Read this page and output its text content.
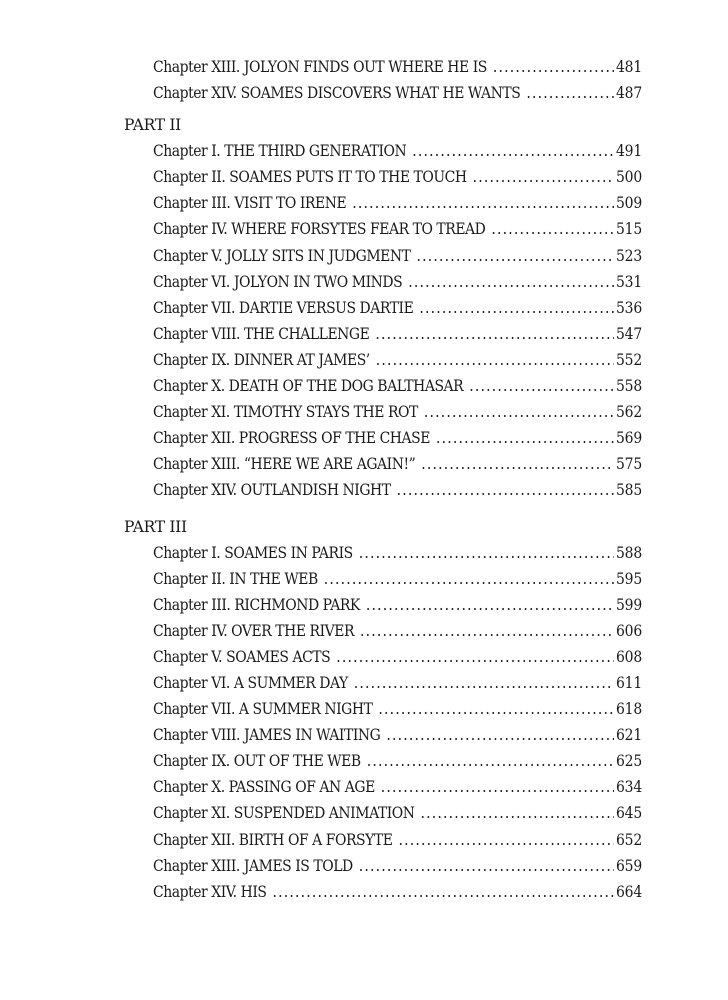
Chapter XIII. JOLYON FINDS OUT WHERE HE IS .....	481
Chapter XIV. SOAMES DISCOVERS WHAT HE WANTS .....	487
PART II
Chapter I. THE THIRD GENERATION .....	491
Chapter II. SOAMES PUTS IT TO THE TOUCH .....	500
Chapter III. VISIT TO IRENE .....	509
Chapter IV. WHERE FORSYTES FEAR TO TREAD .....	515
Chapter V. JOLLY SITS IN JUDGMENT .....	523
Chapter VI. JOLYON IN TWO MINDS .....	531
Chapter VII. DARTIE VERSUS DARTIE .....	536
Chapter VIII. THE CHALLENGE .....	547
Chapter IX. DINNER AT JAMES’ .....	552
Chapter X. DEATH OF THE DOG BALTHASAR .....	558
Chapter XI. TIMOTHY STAYS THE ROT .....	562
Chapter XII. PROGRESS OF THE CHASE .....	569
Chapter XIII. “HERE WE ARE AGAIN!” .....	575
Chapter XIV. OUTLANDISH NIGHT .....	585
PART III
Chapter I. SOAMES IN PARIS .....	588
Chapter II. IN THE WEB .....	595
Chapter III. RICHMOND PARK .....	599
Chapter IV. OVER THE RIVER .....	606
Chapter V. SOAMES ACTS .....	608
Chapter VI. A SUMMER DAY .....	611
Chapter VII. A SUMMER NIGHT .....	618
Chapter VIII. JAMES IN WAITING .....	621
Chapter IX. OUT OF THE WEB .....	625
Chapter X. PASSING OF AN AGE .....	634
Chapter XI. SUSPENDED ANIMATION .....	645
Chapter XII. BIRTH OF A FORSYTE .....	652
Chapter XIII. JAMES IS TOLD .....	659
Chapter XIV. HIS .....	664
